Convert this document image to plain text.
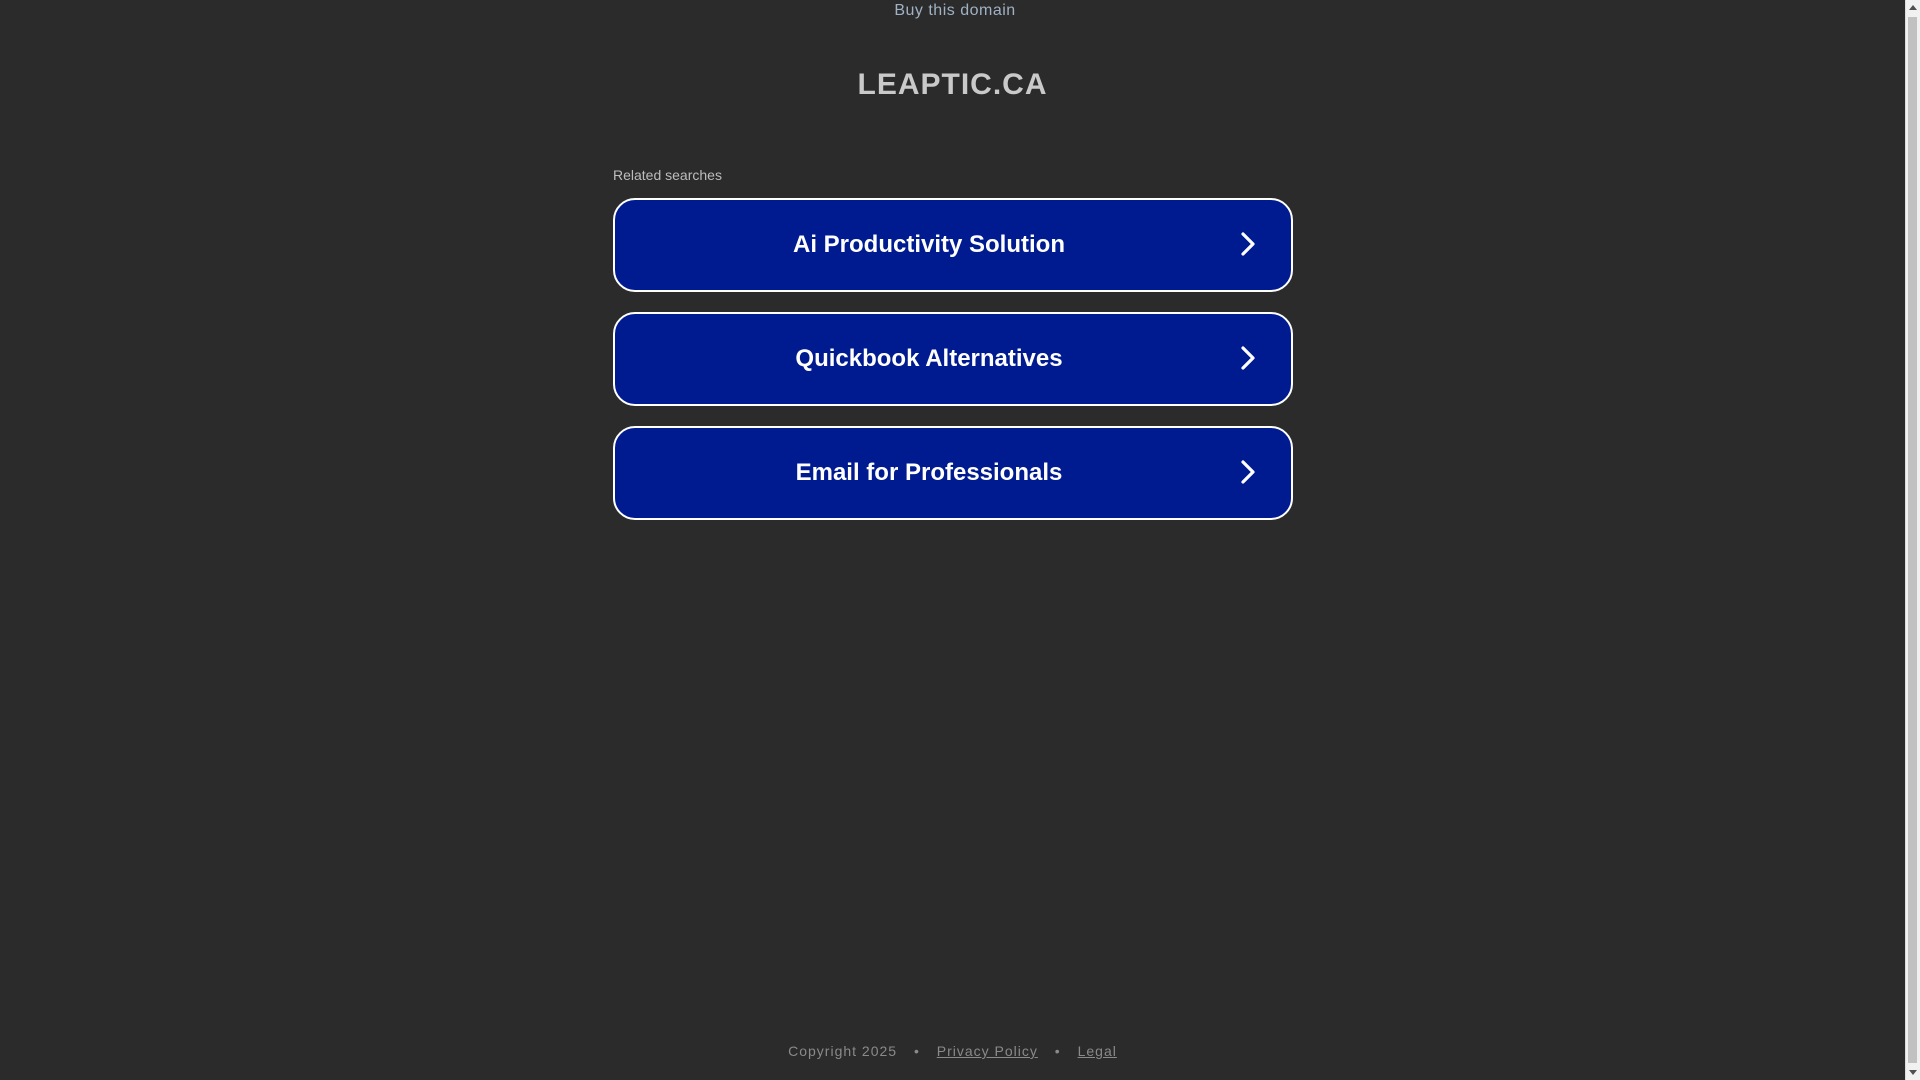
Buy this domain
LEAPTIC.CA
Related searches
Ai Productivity Solution
Quickbook Alternatives
Email for Professionals
Copyright 2025 • Privacy Policy • Legal
